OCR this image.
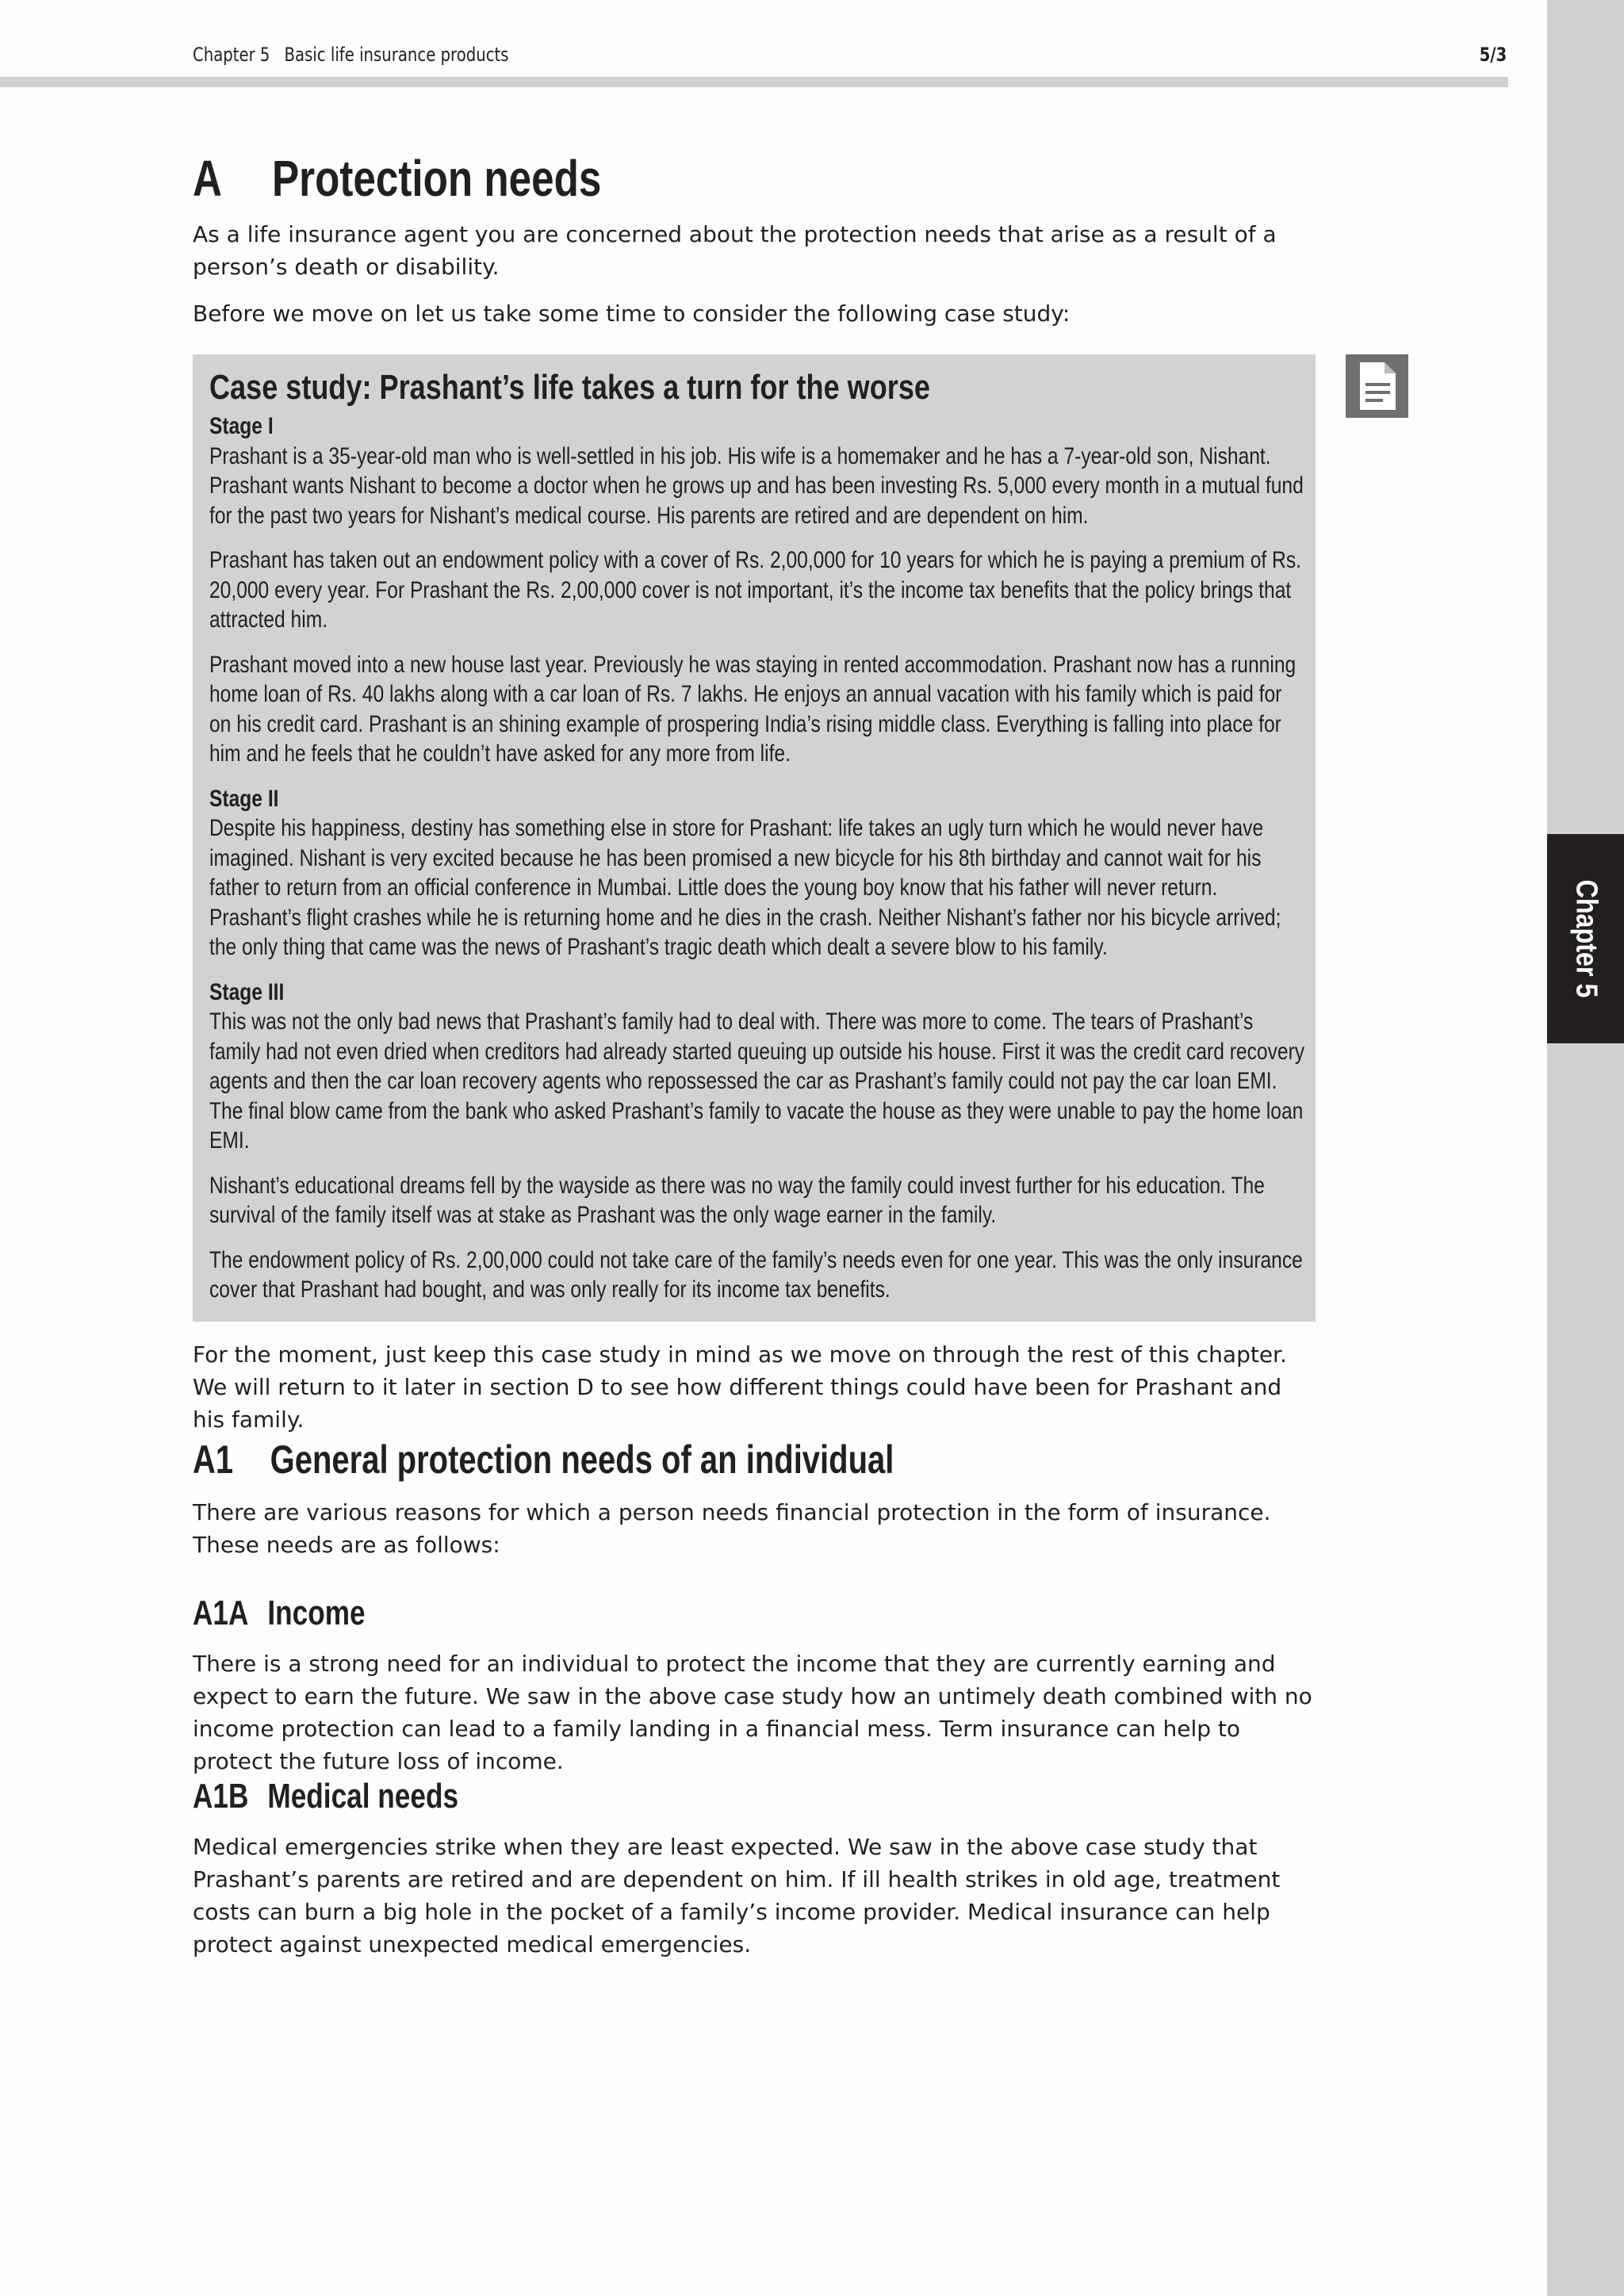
Chapter 5 Basic life insurance products	5/3
Chapter 5
A Protection needs

As a life insurance agent you are concerned about the protection needs that arise as a result of a person’s death or disability.

Before we move on let us take some time to consider the following case study:

Case study: Prashant’s life takes a turn for the worse

Stage I

Prashant is a 35-year-old man who is well-settled in his job. His wife is a homemaker and he has a 7-year-old son, Nishant. Prashant wants Nishant to become a doctor when he grows up and has been investing Rs. 5,000 every month in a mutual fund for the past two years for Nishant’s medical course. His parents are retired and are dependent on him.

Prashant has taken out an endowment policy with a cover of Rs. 2,00,000 for 10 years for which he is paying a premium of Rs. 20,000 every year. For Prashant the Rs. 2,00,000 cover is not important, it’s the income tax benefits that the policy brings that attracted him.

Prashant moved into a new house last year. Previously he was staying in rented accommodation. Prashant now has a running home loan of Rs. 40 lakhs along with a car loan of Rs. 7 lakhs. He enjoys an annual vacation with his family which is paid for on his credit card. Prashant is an shining example of prospering India’s rising middle class. Everything is falling into place for him and he feels that he couldn’t have asked for any more from life.

Stage II

Despite his happiness, destiny has something else in store for Prashant: life takes an ugly turn which he would never have imagined. Nishant is very excited because he has been promised a new bicycle for his 8th birthday and cannot wait for his father to return from an official conference in Mumbai. Little does the young boy know that his father will never return. Prashant’s flight crashes while he is returning home and he dies in the crash. Neither Nishant’s father nor his bicycle arrived; the only thing that came was the news of Prashant’s tragic death which dealt a severe blow to his family.

Stage III

This was not the only bad news that Prashant’s family had to deal with. There was more to come. The tears of Prashant’s family had not even dried when creditors had already started queuing up outside his house. First it was the credit card recovery agents and then the car loan recovery agents who repossessed the car as Prashant’s family could not pay the car loan EMI. The final blow came from the bank who asked Prashant’s family to vacate the house as they were unable to pay the home loan EMI.

Nishant’s educational dreams fell by the wayside as there was no way the family could invest further for his education. The survival of the family itself was at stake as Prashant was the only wage earner in the family.

The endowment policy of Rs. 2,00,000 could not take care of the family’s needs even for one year. This was the only insurance cover that Prashant had bought, and was only really for its income tax benefits.

For the moment, just keep this case study in mind as we move on through the rest of this chapter. We will return to it later in section D to see how different things could have been for Prashant and his family.

A1 General protection needs of an individual

There are various reasons for which a person needs financial protection in the form of insurance. These needs are as follows:

A1A Income

There is a strong need for an individual to protect the income that they are currently earning and expect to earn the future. We saw in the above case study how an untimely death combined with no income protection can lead to a family landing in a financial mess. Term insurance can help to protect the future loss of income.

A1B Medical needs

Medical emergencies strike when they are least expected. We saw in the above case study that Prashant’s parents are retired and are dependent on him. If ill health strikes in old age, treatment costs can burn a big hole in the pocket of a family’s income provider. Medical insurance can help protect against unexpected medical emergencies.
